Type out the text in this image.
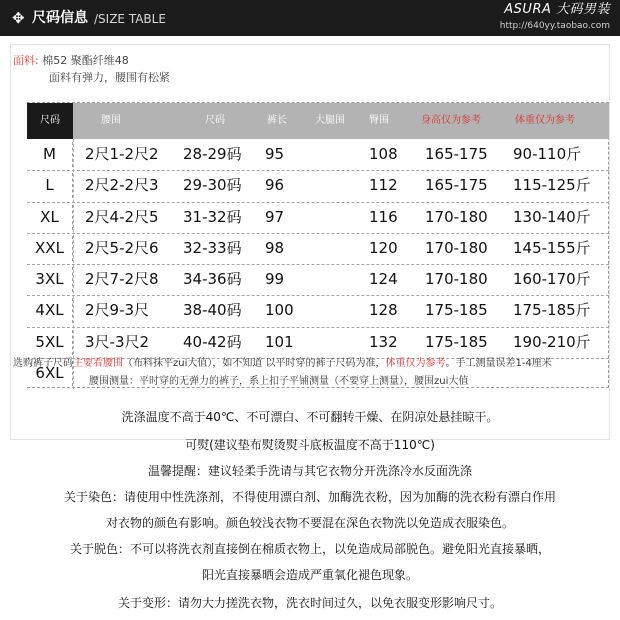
✥ 尺码信息 /SIZE TABLE
ASURA 大码男装
http://640yy.taobao.com
面料: 棉52 聚酯纤维48
面料有弹力，腰围有松紧
尺码	腰围	尺码	裤长	大腿围 臀围	身高仅为参考	体重仅为参考
M	2尺1-2尺2 28-29码 95	108 165-175 90-110斤
L	2尺2-2尺3 29-30码 96	112 165-175 115-125斤
XL	2尺4-2尺5 31-32码 97	116 170-180 130-140斤
XXL	2尺5-2尺6 32-33码 98	120 170-180 145-155斤
3XL	2尺7-2尺8 34-36码 99	124 170-180 160-170斤
4XL	2尺9-3尺 38-40码 100	128 175-185 175-185斤
5XL	3尺-3尺2 40-42码 101	132 175-185 190-210斤
6XL
选购裤子尺码主要看腰围（布料抹平zui大值），如不知道 以平时穿的裤子尺码为准，体重仅为参考。手工测量误差1-4厘米
腰围测量：平时穿的无弹力的裤子，系上扣子平铺测量（不要穿上测量），腰围zui大值
洗涤温度不高于40℃、不可漂白、不可翻转干燥、在阴凉处悬挂晾干。
可熨(建议垫布熨烫熨斗底板温度不高于110℃)
温馨提醒：建议轻柔手洗请与其它衣物分开洗涤冷水反面洗涤
关于染色：请使用中性洗涤剂，不得使用漂白剂、加酶洗衣粉，因为加酶的洗衣粉有漂白作用
对衣物的颜色有影响。颜色较浅衣物不要混在深色衣物洗以免造成衣服染色。
关于脱色：不可以将洗衣剂直接倒在棉质衣物上，以免造成局部脱色。避免阳光直接暴晒，
阳光直接暴晒会造成严重氧化褪色现象。
关于变形：请勿大力搓洗衣物，洗衣时间过久，以免衣服变形影响尺寸。
